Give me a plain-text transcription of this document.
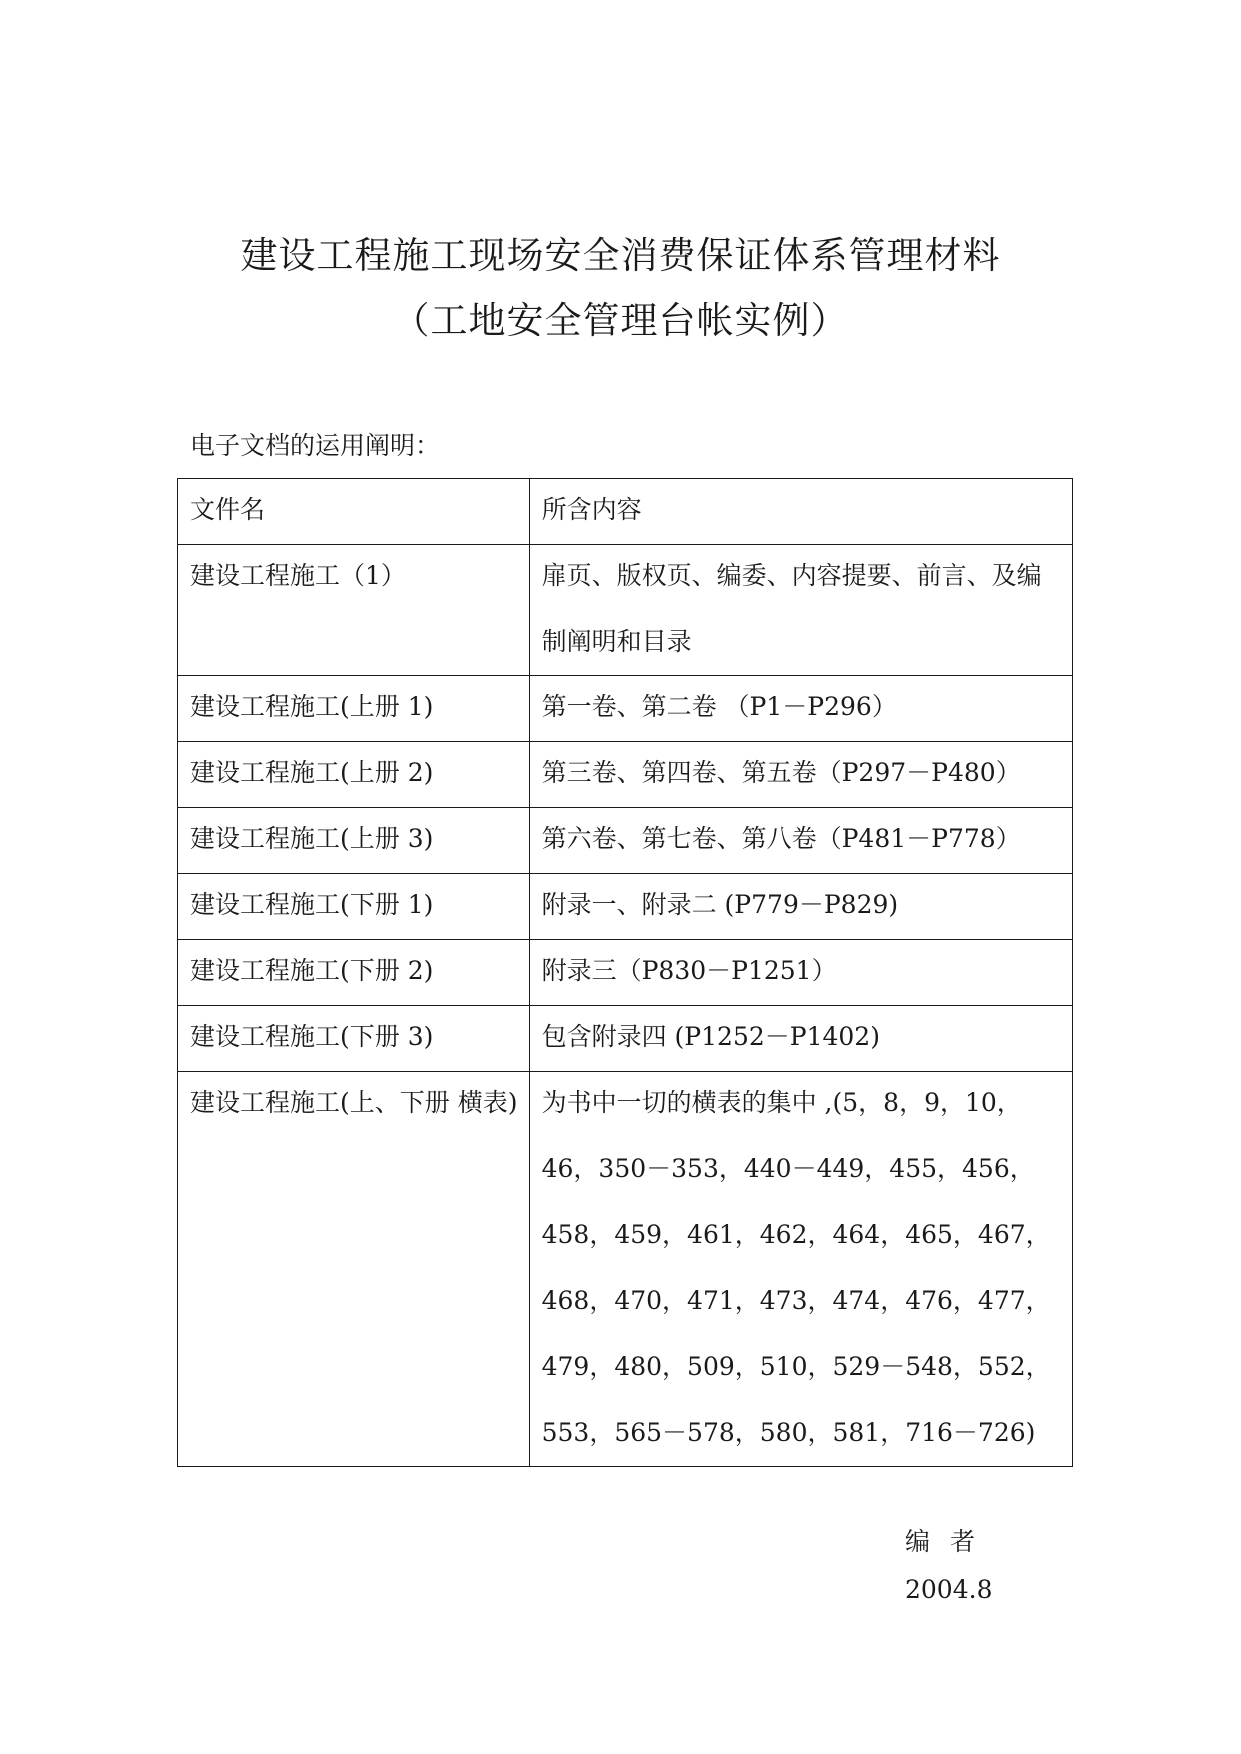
建设工程施工现场安全消费保证体系管理材料
（工地安全管理台帐实例）

电子文档的运用阐明：

文件名	所含内容

建设工程施工（1）	扉页、版权页、编委、内容提要、前言、及编制阐明和目录

建设工程施工(上册 1)	第一卷、第二卷 （P1－P296）

建设工程施工(上册 2)	第三卷、第四卷、第五卷（P297－P480）

建设工程施工(上册 3)	第六卷、第七卷、第八卷（P481－P778）

建设工程施工(下册 1)	附录一、附录二 (P779－P829)

建设工程施工(下册 2)	附录三（P830－P1251）

建设工程施工(下册 3)	包含附录四 (P1252－P1402)

建设工程施工(上、下册 横表)	为书中一切的横表的集中 ,(5，8，9，10，46，350－353，440－449，455，456，458，459，461，462，464，465，467， 468，470，471，473，474，476，477，479，480，509，510，529－548，552，553，565－578，580，581，716－726)
编者
2004.8
